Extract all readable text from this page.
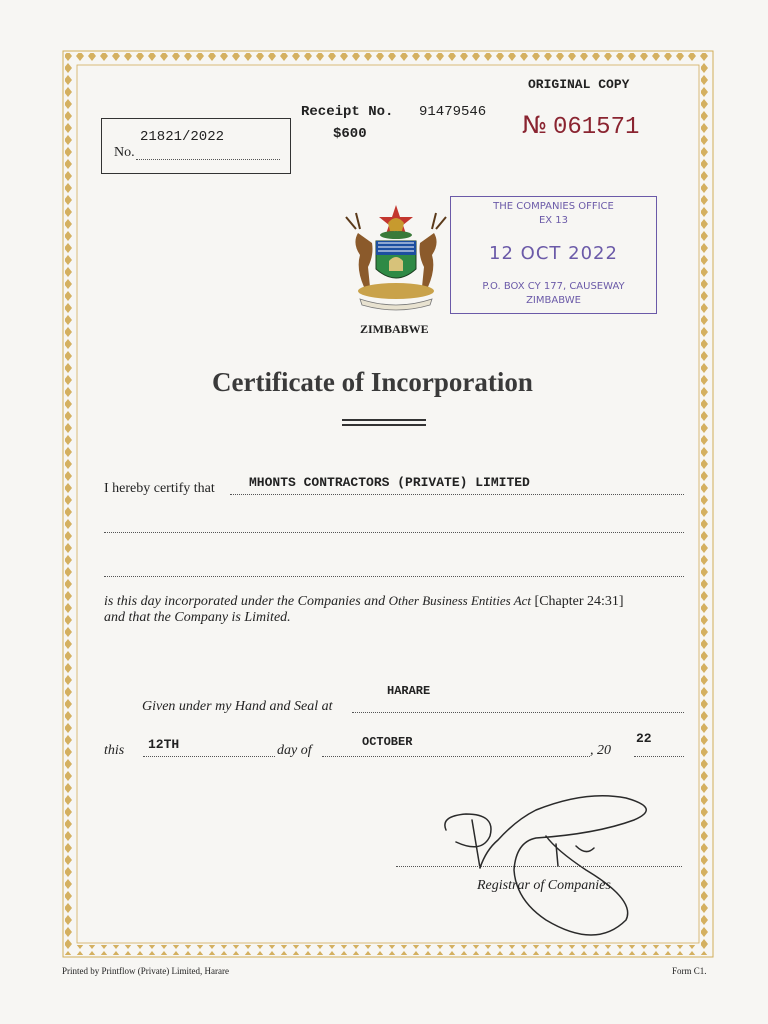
ORIGINAL COPY
Receipt No. 91479546
$600	№ 061571
21821/2022
No.
THE COMPANIES OFFICE
EX 13
12 OCT 2022
P.O. BOX CY 177, CAUSEWAY
ZIMBABWE
ZIMBABWE
Certificate of Incorporation
I hereby certify that	MHONTS CONTRACTORS (PRIVATE) LIMITED
is this day incorporated under the Companies and Other Business Entities Act [Chapter 24:31]
and that the Company is Limited.
HARARE
Given under my Hand and Seal at
this 12TH	day of
OCTOBER
, 20
22
Registrar of Companies
Printed by Printflow (Private) Limited, Harare	Form C1.
